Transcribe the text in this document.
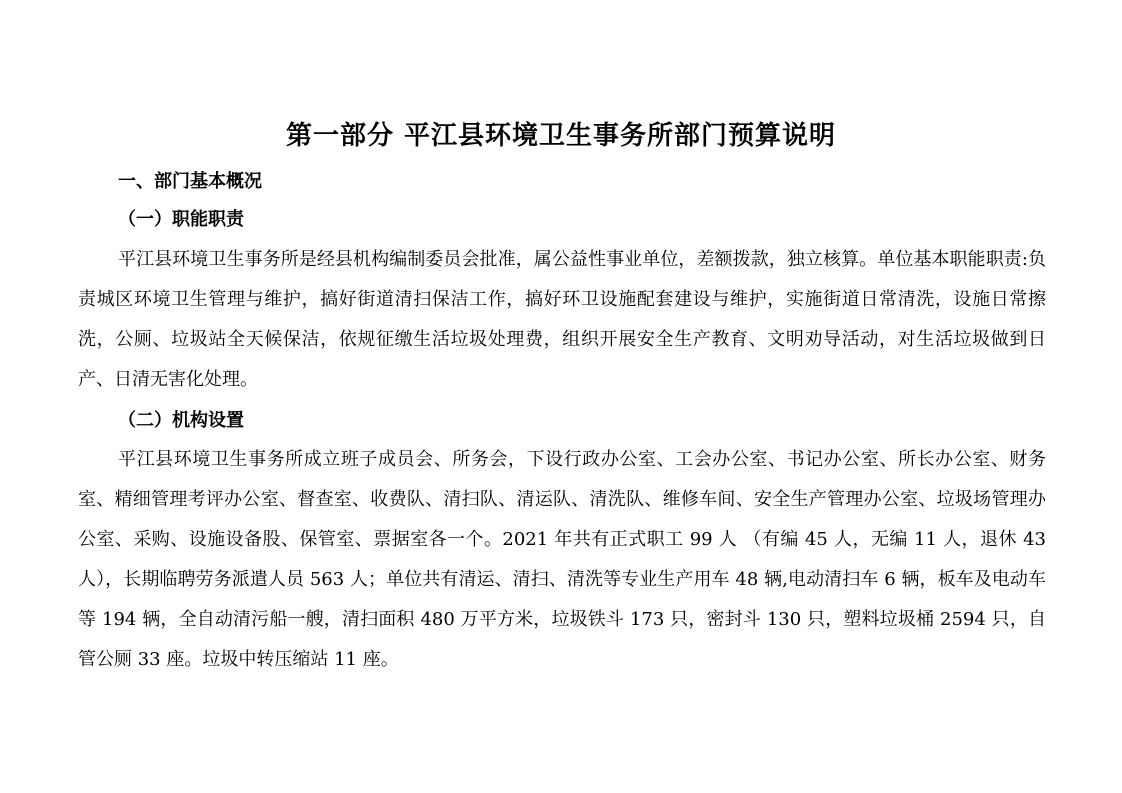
第一部分 平江县环境卫生事务所部门预算说明
一、部门基本概况
（一）职能职责

平江县环境卫生事务所是经县机构编制委员会批准，属公益性事业单位，差额拨款，独立核算。单位基本职能职责:负责城区环境卫生管理与维护，搞好街道清扫保洁工作，搞好环卫设施配套建设与维护，实施街道日常清洗，设施日常擦洗，公厕、垃圾站全天候保洁，依规征缴生活垃圾处理费，组织开展安全生产教育、文明劝导活动，对生活垃圾做到日产、日清无害化处理。

（二）机构设置

平江县环境卫生事务所成立班子成员会、所务会，下设行政办公室、工会办公室、书记办公室、所长办公室、财务室、精细管理考评办公室、督查室、收费队、清扫队、清运队、清洗队、维修车间、安全生产管理办公室、垃圾场管理办公室、采购、设施设备股、保管室、票据室各一个。2021 年共有正式职工 99 人 （有编 45 人，无编 11 人，退休 43 人），长期临聘劳务派遣人员 563 人；单位共有清运、清扫、清洗等专业生产用车 48 辆,电动清扫车 6 辆，板车及电动车等 194 辆，全自动清污船一艘，清扫面积 480 万平方米，垃圾铁斗 173 只，密封斗 130 只，塑料垃圾桶 2594 只，自管公厕 33 座。垃圾中转压缩站 11 座。
